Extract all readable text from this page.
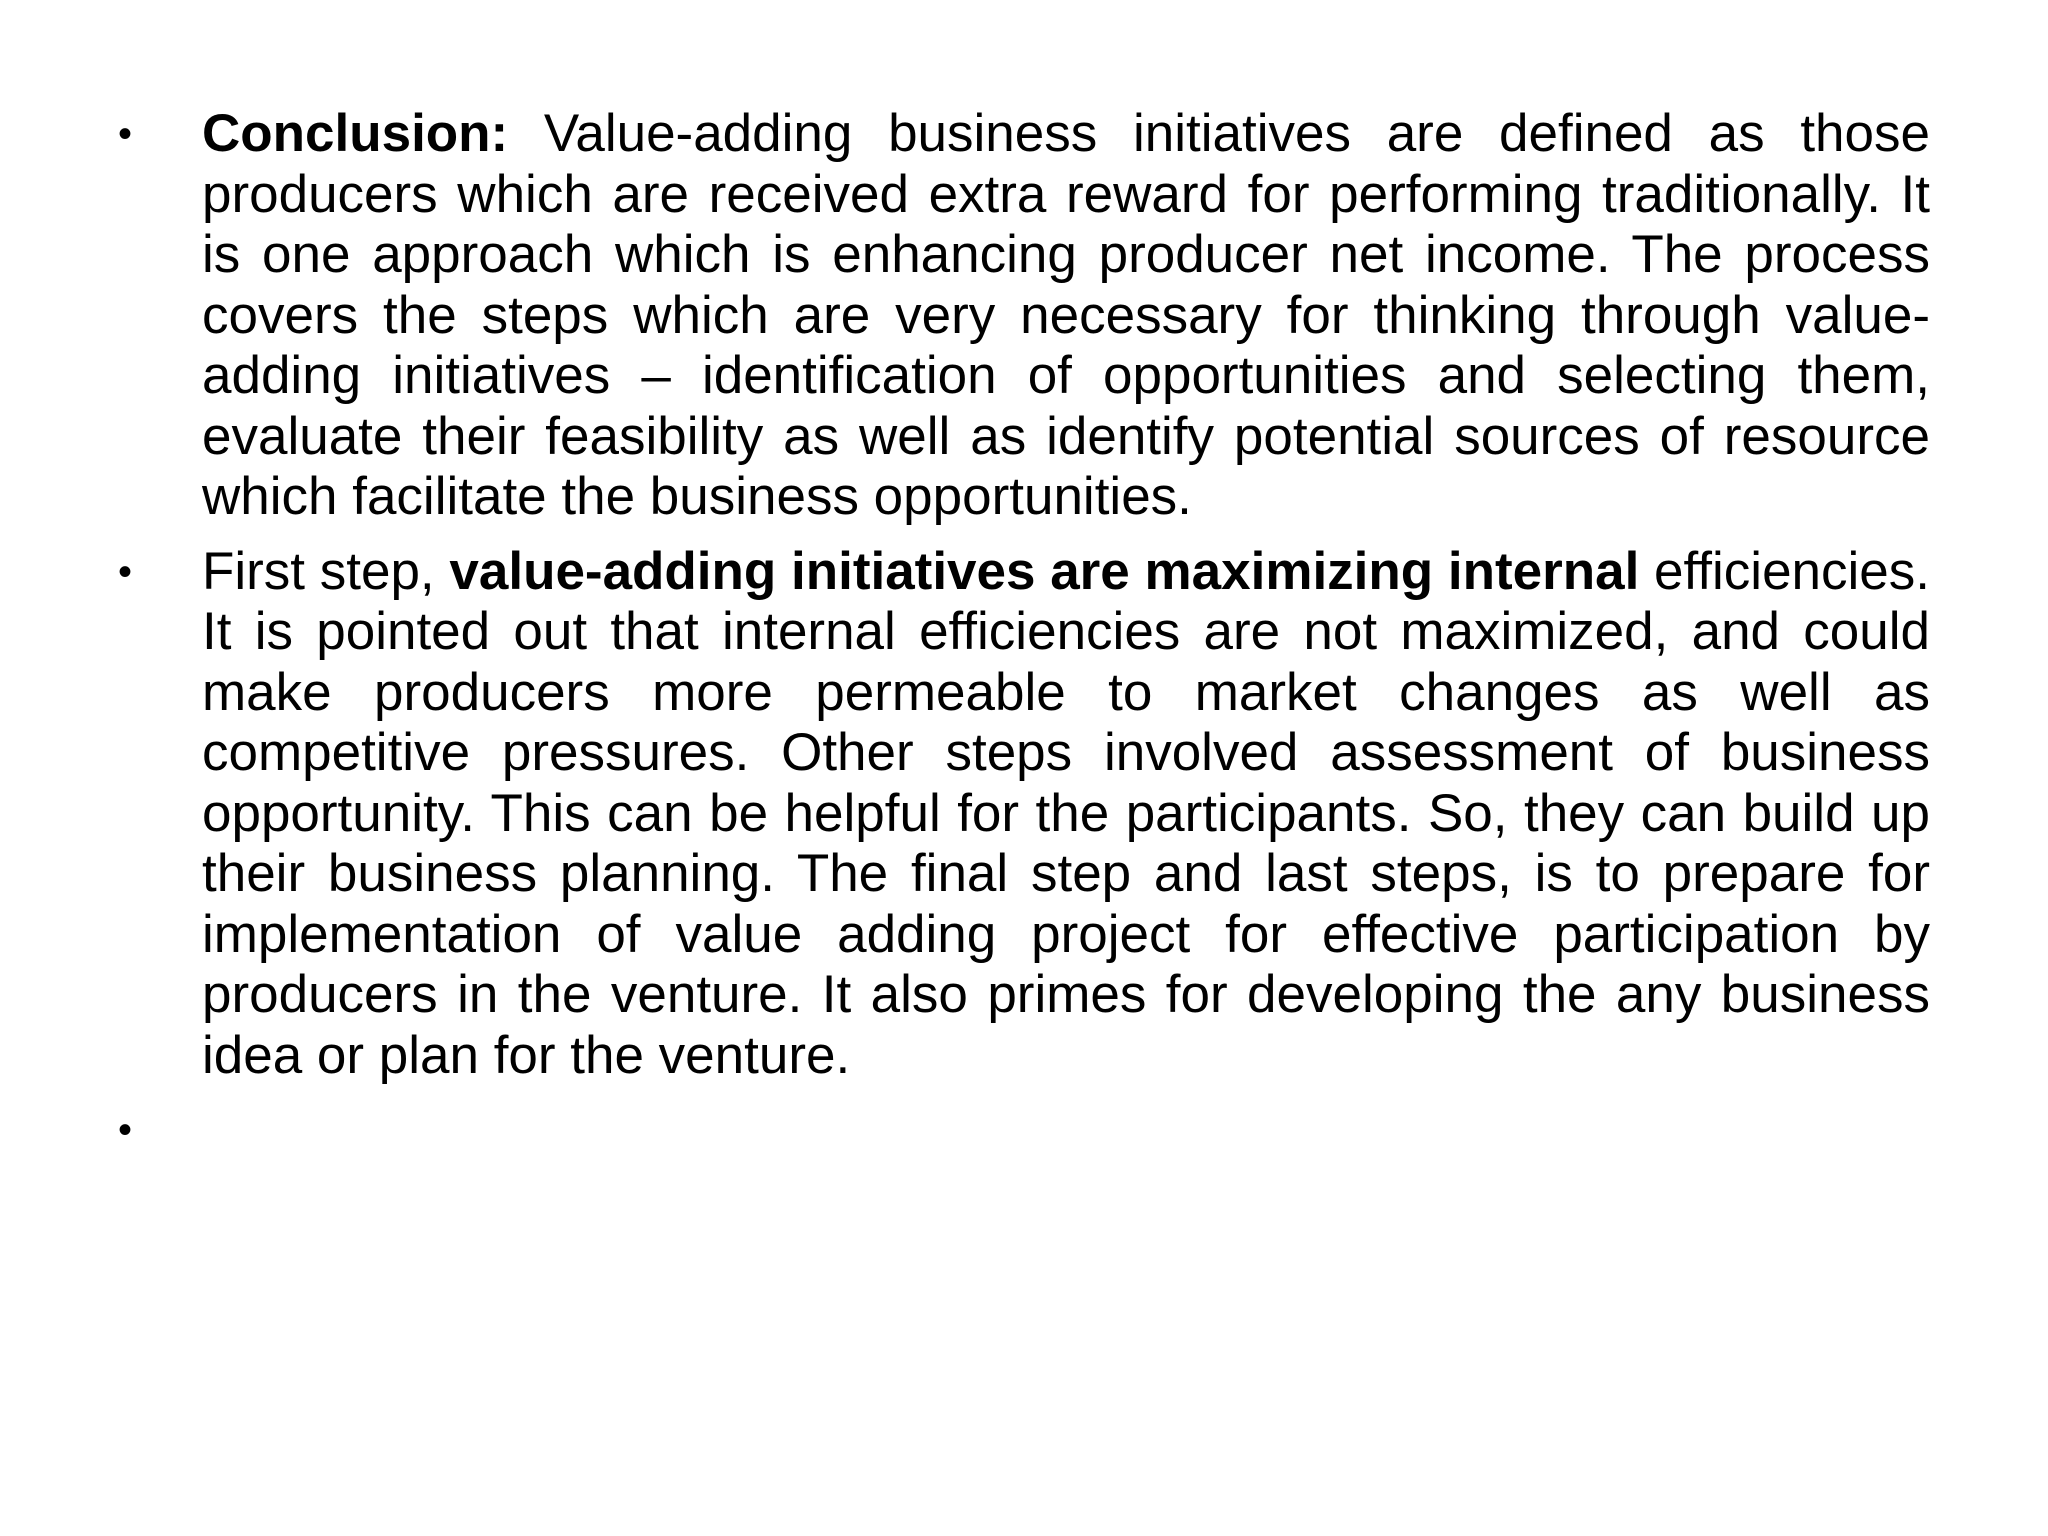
•	Conclusion: Value-adding business initiatives are defined as those producers which are received extra reward for performing traditionally. It is one approach which is enhancing producer net income. The process covers the steps which are very necessary for thinking through value-adding initiatives – identification of opportunities and selecting them, evaluate their feasibility as well as identify potential sources of resource which facilitate the business opportunities.
•	First step, value-adding initiatives are maximizing internal efficiencies. It is pointed out that internal efficiencies are not maximized, and could make producers more permeable to market changes as well as competitive pressures. Other steps involved assessment of business opportunity. This can be helpful for the participants. So, they can build up their business planning. The final step and last steps, is to prepare for implementation of value adding project for effective participation by producers in the venture. It also primes for developing the any business idea or plan for the venture.
•
